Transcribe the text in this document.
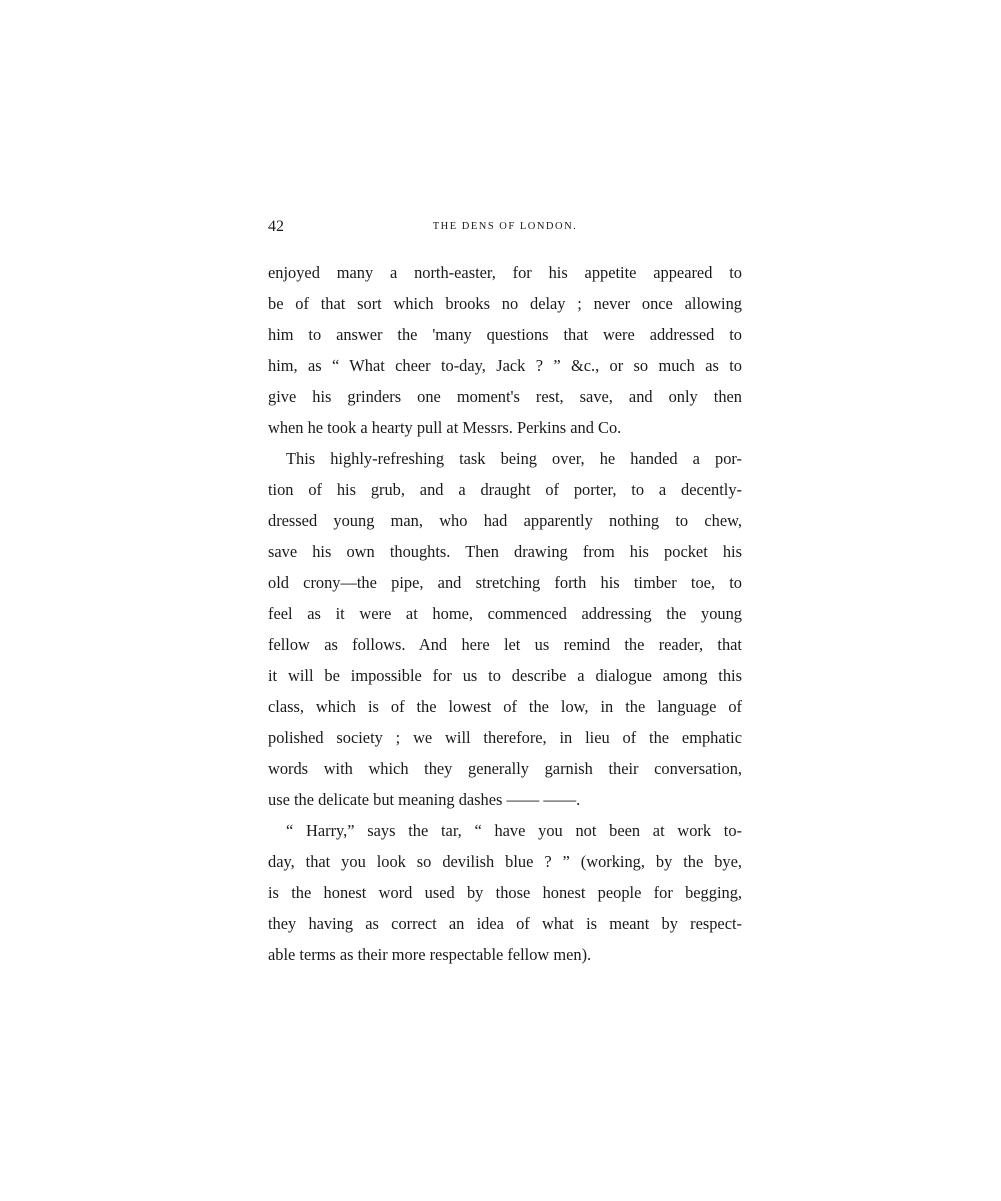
42	THE DENS OF LONDON.
enjoyed many a north-easter, for his appetite appeared to
be of that sort which brooks no delay ; never once allowing
him to answer the 'many questions that were addressed to
him, as “ What cheer to-day, Jack ? ” &c., or so much as to
give his grinders one moment's rest, save, and only then
when he took a hearty pull at Messrs. Perkins and Co.
This highly-refreshing task being over, he handed a por-
tion of his grub, and a draught of porter, to a decently-
dressed young man, who had apparently nothing to chew,
save his own thoughts. Then drawing from his pocket his
old crony—the pipe, and stretching forth his timber toe, to
feel as it were at home, commenced addressing the young
fellow as follows. And here let us remind the reader, that
it will be impossible for us to describe a dialogue among this
class, which is of the lowest of the low, in the language of
polished society ; we will therefore, in lieu of the emphatic
words with which they generally garnish their conversation,
use the delicate but meaning dashes —— ——.
“ Harry,” says the tar, “ have you not been at work to-
day, that you look so devilish blue ? ” (working, by the bye,
is the honest word used by those honest people for begging,
they having as correct an idea of what is meant by respect-
able terms as their more respectable fellow men).
